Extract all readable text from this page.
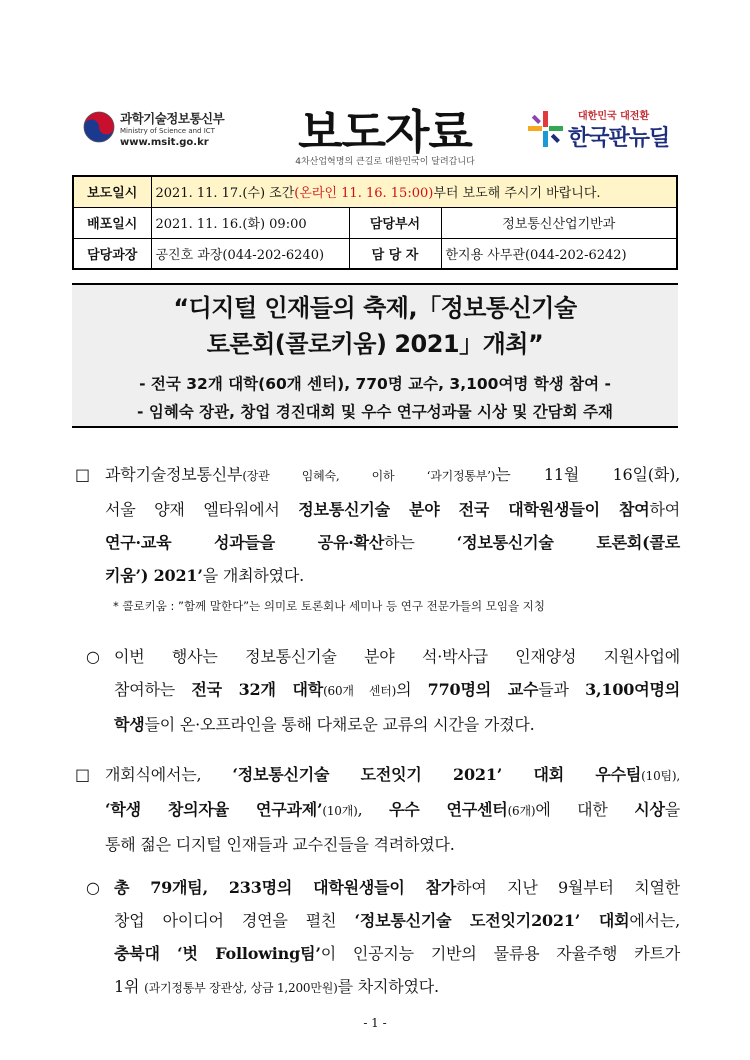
과학기술정보통신부
Ministry of Science and ICT
www.msit.go.kr	보도자료
4차산업혁명의 큰길로 대한민국이 달려갑니다
대한민국 대전환
한국판뉴딜
보도일시	2021. 11. 17.(수) 조간(온라인 11. 16. 15:00)부터 보도해 주시기 바랍니다.		
배포일시	2021. 11. 16.(화) 09:00	담당부서	정보통신산업기반과
담당과장	공진호 과장(044-202-6240)	담 당 자	한지용 사무관(044-202-6242)
“디지털 인재들의 축제,「정보통신기술
토론회(콜로키움) 2021」개최”
- 전국 32개 대학(60개 센터), 770명 교수, 3,100여명 학생 참여 -
- 임혜숙 장관, 창업 경진대회 및 우수 연구성과물 시상 및 간담회 주재
□ 과학기술정보통신부(장관 임혜숙, 이하 ‘과기정통부’)는 11월 16일(화),
서울 양재 엘타워에서 정보통신기술 분야 전국 대학원생들이 참여하여
연구·교육 성과들을 공유·확산하는 ‘정보통신기술 토론회(콜로
키움’) 2021’을 개최하였다.
* 콜로키움 : ”함께 말한다”는 의미로 토론회나 세미나 등 연구 전문가들의 모임을 지칭
○ 이번 행사는 정보통신기술 분야 석·박사급 인재양성 지원사업에
참여하는 전국 32개 대학(60개 센터)의 770명의 교수들과 3,100여명의
학생들이 온·오프라인을 통해 다채로운 교류의 시간을 가졌다.
□ 개회식에서는, ‘정보통신기술 도전잇기 2021’ 대회 우수팀(10팀),
‘학생 창의자율 연구과제’(10개), 우수 연구센터(6개)에 대한 시상을
통해 젊은 디지털 인재들과 교수진들을 격려하였다.
○ 총 79개팀, 233명의 대학원생들이 참가하여 지난 9월부터 치열한
창업 아이디어 경연을 펼친 ‘정보통신기술 도전잇기2021’ 대회에서는,
충북대 ‘벗 Following팀’이 인공지능 기반의 물류용 자율주행 카트가
1위 (과기정통부 장관상, 상금 1,200만원)를 차지하였다.
- 1 -
